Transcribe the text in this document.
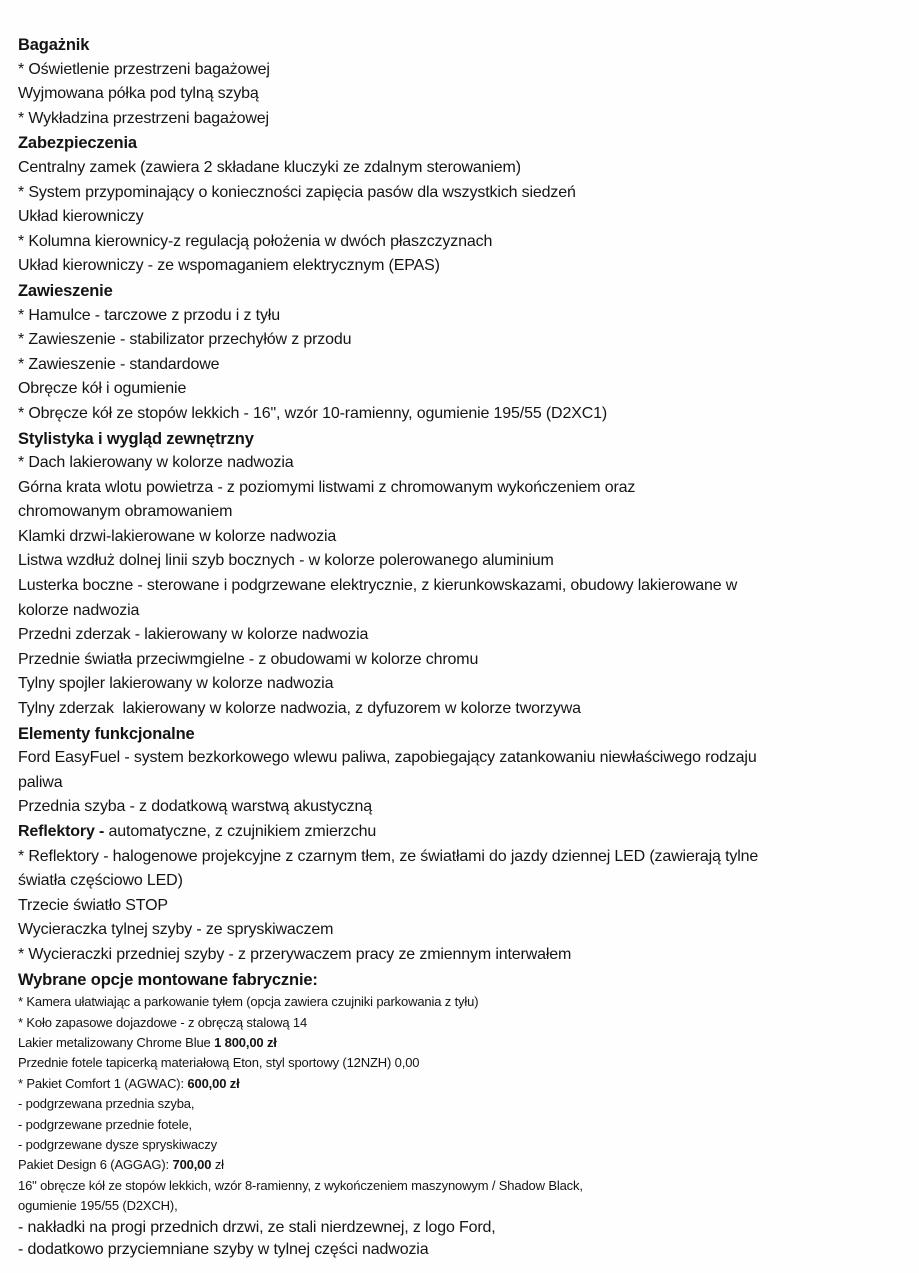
Bagażnik
* Oświetlenie przestrzeni bagażowej
Wyjmowana półka pod tylną szybą
* Wykładzina przestrzeni bagażowej
Zabezpieczenia
Centralny zamek (zawiera 2 składane kluczyki ze zdalnym sterowaniem)
* System przypominający o konieczności zapięcia pasów dla wszystkich siedzeń
Układ kierowniczy
* Kolumna kierownicy-z regulacją położenia w dwóch płaszczyznach
Układ kierowniczy - ze wspomaganiem elektrycznym (EPAS)
Zawieszenie
* Hamulce - tarczowe z przodu i z tyłu
* Zawieszenie - stabilizator przechyłów z przodu
* Zawieszenie - standardowe
Obręcze kół i ogumienie
* Obręcze kół ze stopów lekkich - 16", wzór 10-ramienny, ogumienie 195/55 (D2XC1)
Stylistyka i wygląd zewnętrzny
* Dach lakierowany w kolorze nadwozia
Górna krata wlotu powietrza - z poziomymi listwami z chromowanym wykończeniem oraz
chromowanym obramowaniem
Klamki drzwi-lakierowane w kolorze nadwozia
Listwa wzdłuż dolnej linii szyb bocznych - w kolorze polerowanego aluminium
Lusterka boczne - sterowane i podgrzewane elektrycznie, z kierunkowskazami, obudowy lakierowane w
kolorze nadwozia
Przedni zderzak - lakierowany w kolorze nadwozia
Przednie światła przeciwmgielne - z obudowami w kolorze chromu
Tylny spojler lakierowany w kolorze nadwozia
Tylny zderzak  lakierowany w kolorze nadwozia, z dyfuzorem w kolorze tworzywa
Elementy funkcjonalne
Ford EasyFuel - system bezkorkowego wlewu paliwa, zapobiegający zatankowaniu niewłaściwego rodzaju
paliwa
Przednia szyba - z dodatkową warstwą akustyczną
Reflektory - automatyczne, z czujnikiem zmierzchu
* Reflektory - halogenowe projekcyjne z czarnym tłem, ze światłami do jazdy dziennej LED (zawierają tylne
światła częściowo LED)
Trzecie światło STOP
Wycieraczka tylnej szyby - ze spryskiwaczem
* Wycieraczki przedniej szyby - z przerywaczem pracy ze zmiennym interwałem
Wybrane opcje montowane fabrycznie:
* Kamera ułatwiając a parkowanie tyłem (opcja zawiera czujniki parkowania z tyłu)
* Koło zapasowe dojazdowe - z obręczą stalową 14
Lakier metalizowany Chrome Blue 1 800,00 zł
Przednie fotele tapicerką materiałową Eton, styl sportowy (12NZH) 0,00
* Pakiet Comfort 1 (AGWAC): 600,00 zł
- podgrzewana przednia szyba,
- podgrzewane przednie fotele,
- podgrzewane dysze spryskiwaczy
Pakiet Design 6 (AGGAG): 700,00 zł
16" obręcze kół ze stopów lekkich, wzór 8-ramienny, z wykończeniem maszynowym / Shadow Black,
ogumienie 195/55 (D2XCH),
- nakładki na progi przednich drzwi, ze stali nierdzewnej, z logo Ford,
- dodatkowo przyciemniane szyby w tylnej części nadwozia
